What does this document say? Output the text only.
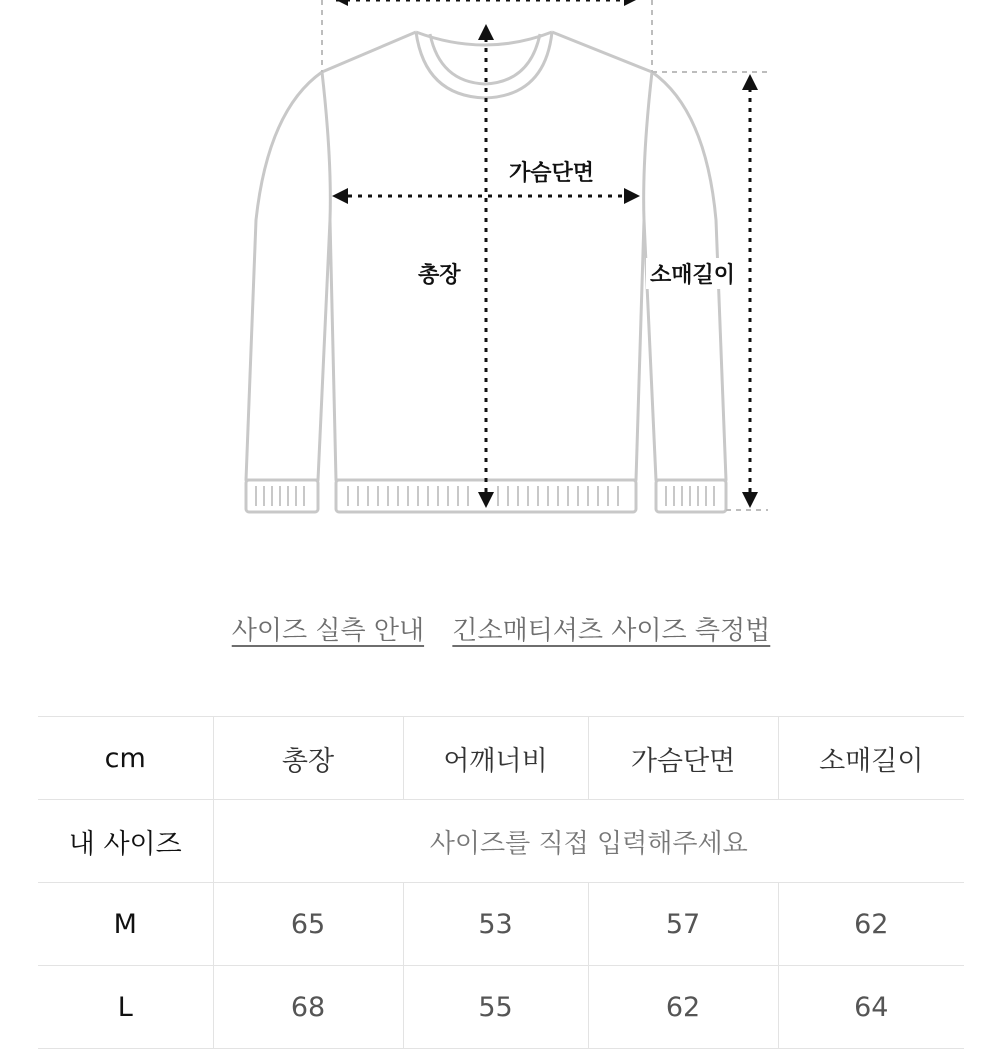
가슴단면
총장	소매길이
사이즈 실측 안내 긴소매티셔츠 사이즈 측정법
cm	총장	어깨너비	가슴단면	소매길이
내 사이즈	사이즈를 직접 입력해주세요			
M	65	53	57	62
L	68	55	62	64
